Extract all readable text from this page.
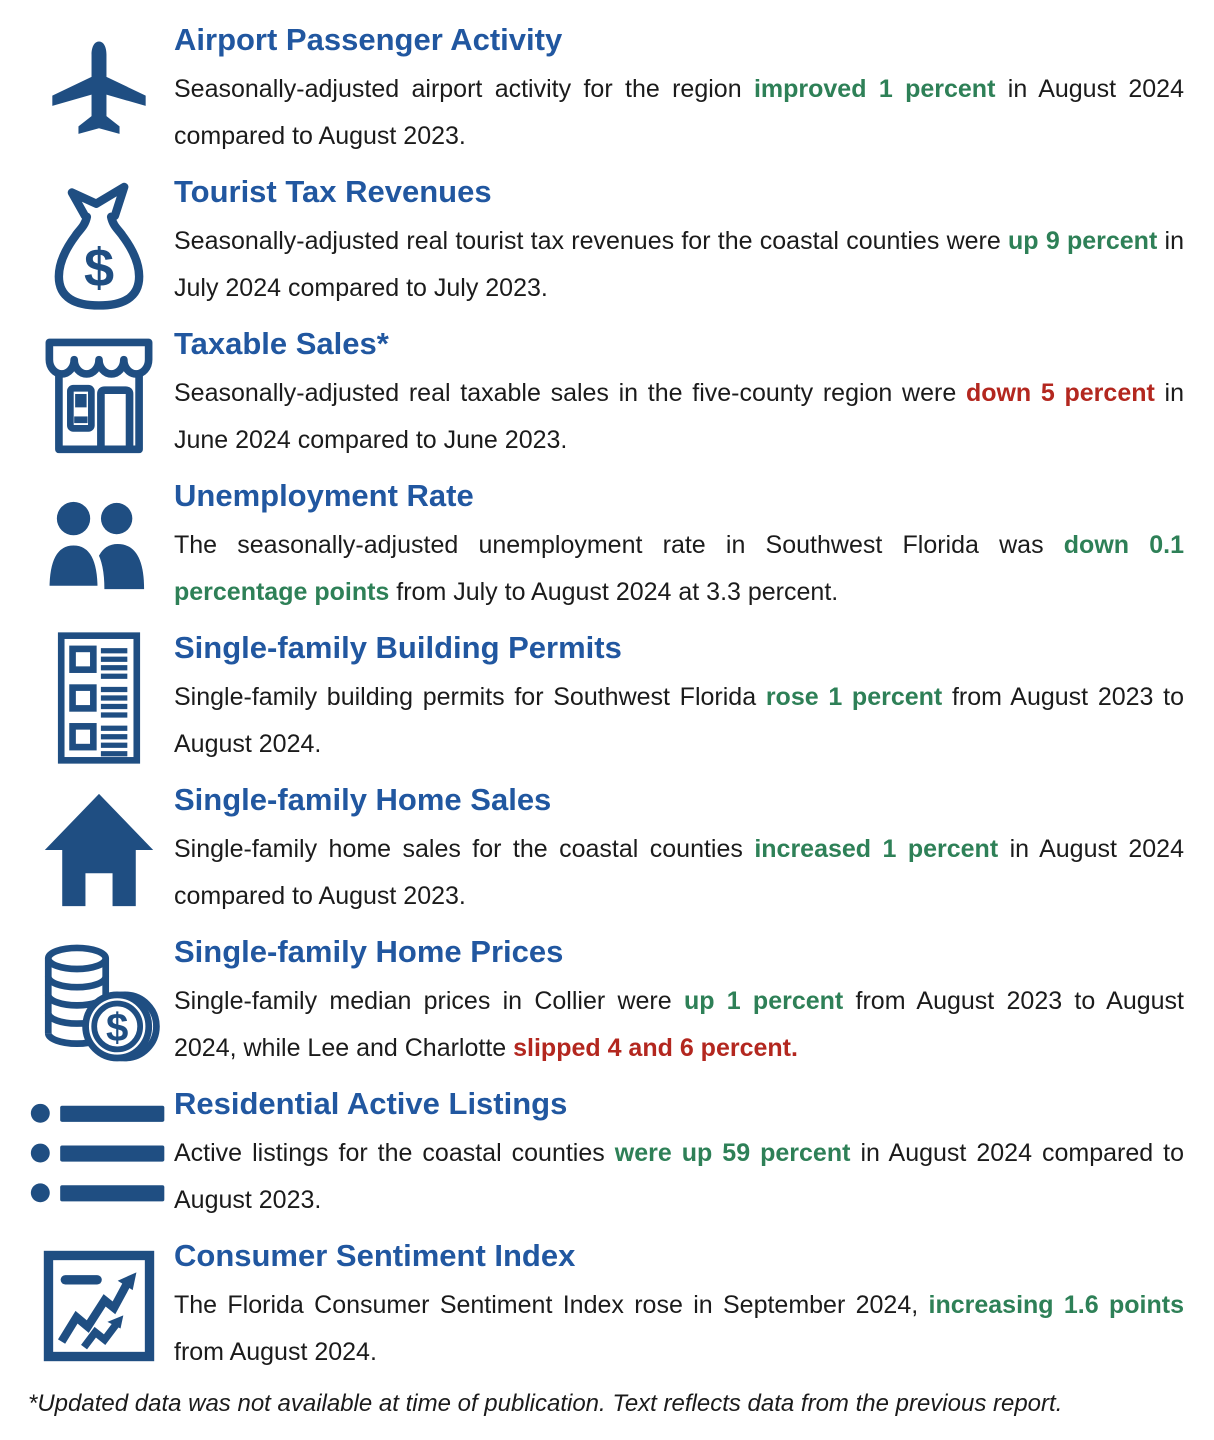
Airport Passenger Activity

Seasonally-adjusted airport activity for the region improved 1 percent in August 2024 compared to August 2023.

$
Tourist Tax Revenues

Seasonally-adjusted real tourist tax revenues for the coastal counties were up 9 percent in July 2024 compared to July 2023.

Taxable Sales*

Seasonally-adjusted real taxable sales in the five-county region were down 5 percent in June 2024 compared to June 2023.

Unemployment Rate

The seasonally-adjusted unemployment rate in Southwest Florida was down 0.1 percentage points from July to August 2024 at 3.3 percent.

Single-family Building Permits

Single-family building permits for Southwest Florida rose 1 percent from August 2023 to August 2024.

Single-family Home Sales

Single-family home sales for the coastal counties increased 1 percent in August 2024 compared to August 2023.

$
Single-family Home Prices

Single-family median prices in Collier were up 1 percent from August 2023 to August 2024, while Lee and Charlotte slipped 4 and 6 percent.

Residential Active Listings

Active listings for the coastal counties were up 59 percent in August 2024 compared to August 2023.

Consumer Sentiment Index

The Florida Consumer Sentiment Index rose in September 2024, increasing 1.6 points from August 2024.

*Updated data was not available at time of publication. Text reflects data from the previous report.
